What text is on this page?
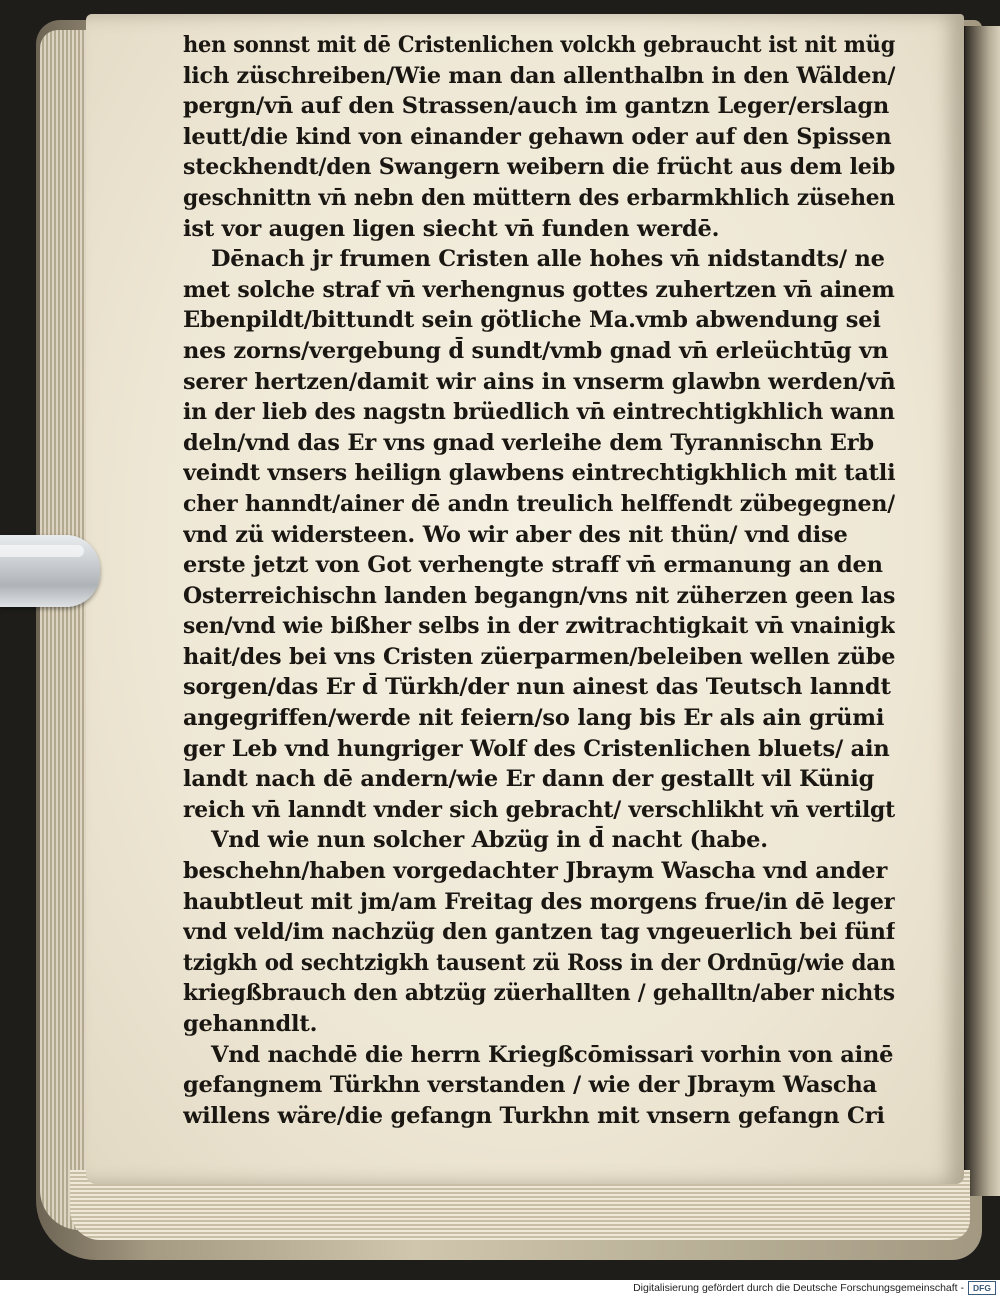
hen sonnst mit dē Cristenlichen volckh gebraucht ist nit müg
lich züschreiben/Wie man dan allenthalbn in den Wälden/
pergn/vn̄ auf den Strassen/auch im gantzn Leger/erslagn
leutt/die kind von einander gehawn oder auf den Spissen
steckhendt/den Swangern weibern die frücht aus dem leib
geschnittn vn̄ nebn den müttern des erbarmkhlich züsehen
ist vor augen ligen siecht vn̄ funden werdē.
Dēnach jr frumen Cristen alle hohes vn̄ nidstandts/ ne
met solche straf vn̄ verhengnus gottes zuhertzen vn̄ ainem
Ebenpildt/bittundt sein götliche Ma.vmb abwendung sei
nes zorns/vergebung d̄ sundt/vmb gnad vn̄ erleüchtūg vn
serer hertzen/damit wir ains in vnserm glawbn werden/vn̄
in der lieb des nagstn brüedlich vn̄ eintrechtigkhlich wann
deln/vnd das Er vns gnad verleihe dem Tyrannischn Erb
veindt vnsers heilign glawbens eintrechtigkhlich mit tatli
cher hanndt/ainer dē andn treulich helffendt zübegegnen/
vnd zü widersteen. Wo wir aber des nit thün/ vnd dise
erste jetzt von Got verhengte straff vn̄ ermanung an den
Osterreichischn landen begangn/vns nit züherzen geen las
sen/vnd wie bißher selbs in der zwitrachtigkait vn̄ vnainigk
hait/des bei vns Cristen züerparmen/beleiben wellen zübe
sorgen/das Er d̄ Türkh/der nun ainest das Teutsch lanndt
angegriffen/werde nit feiern/so lang bis Er als ain grümi
ger Leb vnd hungriger Wolf des Cristenlichen bluets/ ain
landt nach dē andern/wie Er dann der gestallt vil Künig
reich vn̄ lanndt vnder sich gebracht/ verschlikht vn̄ vertilgt
Vnd wie nun solcher Abzüg in d̄ nacht (habe.
beschehn/haben vorgedachter Jbraym Wascha vnd ander
haubtleut mit jm/am Freitag des morgens frue/in dē leger
vnd veld/im nachzüg den gantzen tag vngeuerlich bei fünf
tzigkh od sechtzigkh tausent zü Ross in der Ordnūg/wie dan
kriegßbrauch den abtzüg züerhallten / gehalltn/aber nichts
gehanndlt.
Vnd nachdē die herrn Kriegßcōmissari vorhin von ainē
gefangnem Türkhn verstanden / wie der Jbraym Wascha
willens wäre/die gefangn Turkhn mit vnsern gefangn Cri
Digitalisierung gefördert durch die Deutsche Forschungsgemeinschaft -	DFG
